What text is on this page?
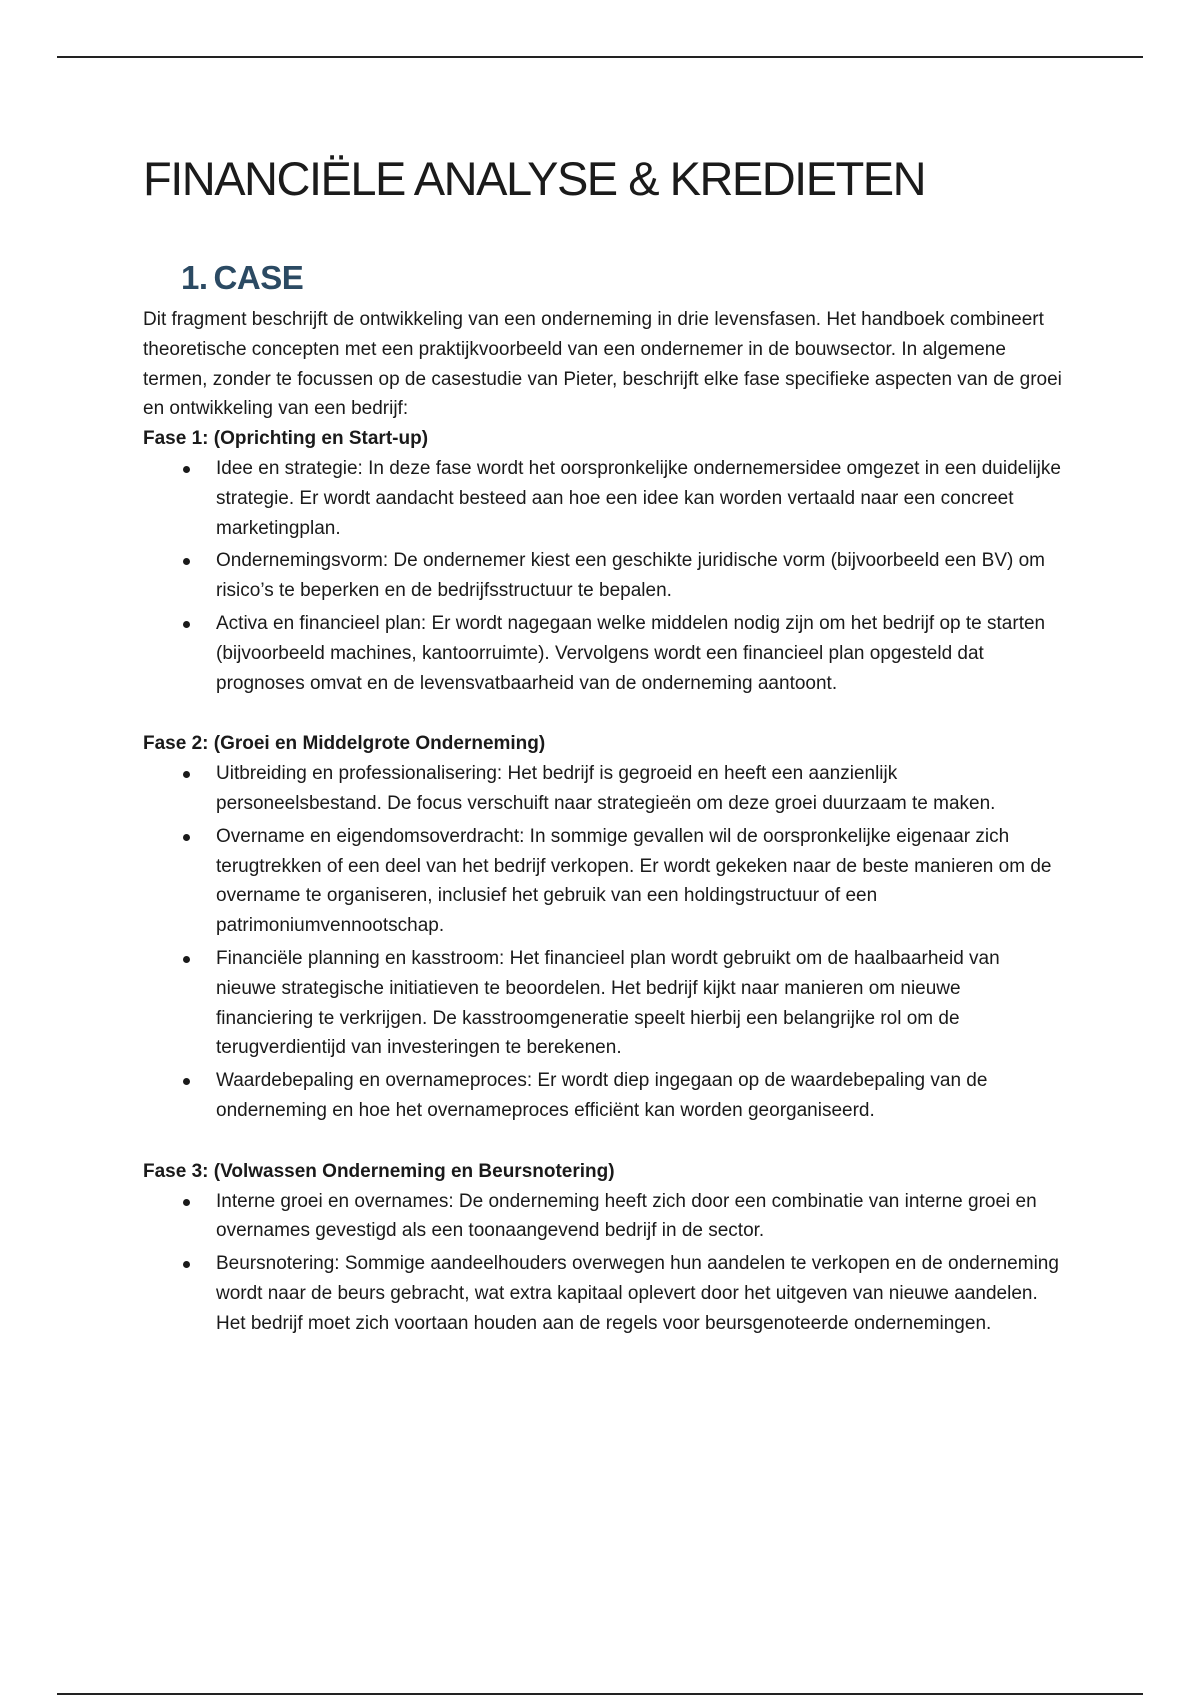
FINANCIËLE ANALYSE & KREDIETEN
1. CASE

Dit fragment beschrijft de ontwikkeling van een onderneming in drie levensfasen. Het handboek combineert theoretische concepten met een praktijkvoorbeeld van een ondernemer in de bouwsector. In algemene termen, zonder te focussen op de casestudie van Pieter, beschrijft elke fase specifieke aspecten van de groei en ontwikkeling van een bedrijf:

Fase 1: (Oprichting en Start-up)

Idee en strategie: In deze fase wordt het oorspronkelijke ondernemersidee omgezet in een duidelijke strategie. Er wordt aandacht besteed aan hoe een idee kan worden vertaald naar een concreet marketingplan.
Ondernemingsvorm: De ondernemer kiest een geschikte juridische vorm (bijvoorbeeld een BV) om risico’s te beperken en de bedrijfsstructuur te bepalen.
Activa en financieel plan: Er wordt nagegaan welke middelen nodig zijn om het bedrijf op te starten (bijvoorbeeld machines, kantoorruimte). Vervolgens wordt een financieel plan opgesteld dat prognoses omvat en de levensvatbaarheid van de onderneming aantoont.

Fase 2: (Groei en Middelgrote Onderneming)

Uitbreiding en professionalisering: Het bedrijf is gegroeid en heeft een aanzienlijk personeelsbestand. De focus verschuift naar strategieën om deze groei duurzaam te maken.
Overname en eigendomsoverdracht: In sommige gevallen wil de oorspronkelijke eigenaar zich terugtrekken of een deel van het bedrijf verkopen. Er wordt gekeken naar de beste manieren om de overname te organiseren, inclusief het gebruik van een holdingstructuur of een patrimoniumvennootschap.
Financiële planning en kasstroom: Het financieel plan wordt gebruikt om de haalbaarheid van nieuwe strategische initiatieven te beoordelen. Het bedrijf kijkt naar manieren om nieuwe financiering te verkrijgen. De kasstroomgeneratie speelt hierbij een belangrijke rol om de terugverdientijd van investeringen te berekenen.
Waardebepaling en overnameproces: Er wordt diep ingegaan op de waardebepaling van de onderneming en hoe het overnameproces efficiënt kan worden georganiseerd.

Fase 3: (Volwassen Onderneming en Beursnotering)

Interne groei en overnames: De onderneming heeft zich door een combinatie van interne groei en overnames gevestigd als een toonaangevend bedrijf in de sector.
Beursnotering: Sommige aandeelhouders overwegen hun aandelen te verkopen en de onderneming wordt naar de beurs gebracht, wat extra kapitaal oplevert door het uitgeven van nieuwe aandelen. Het bedrijf moet zich voortaan houden aan de regels voor beursgenoteerde ondernemingen.
